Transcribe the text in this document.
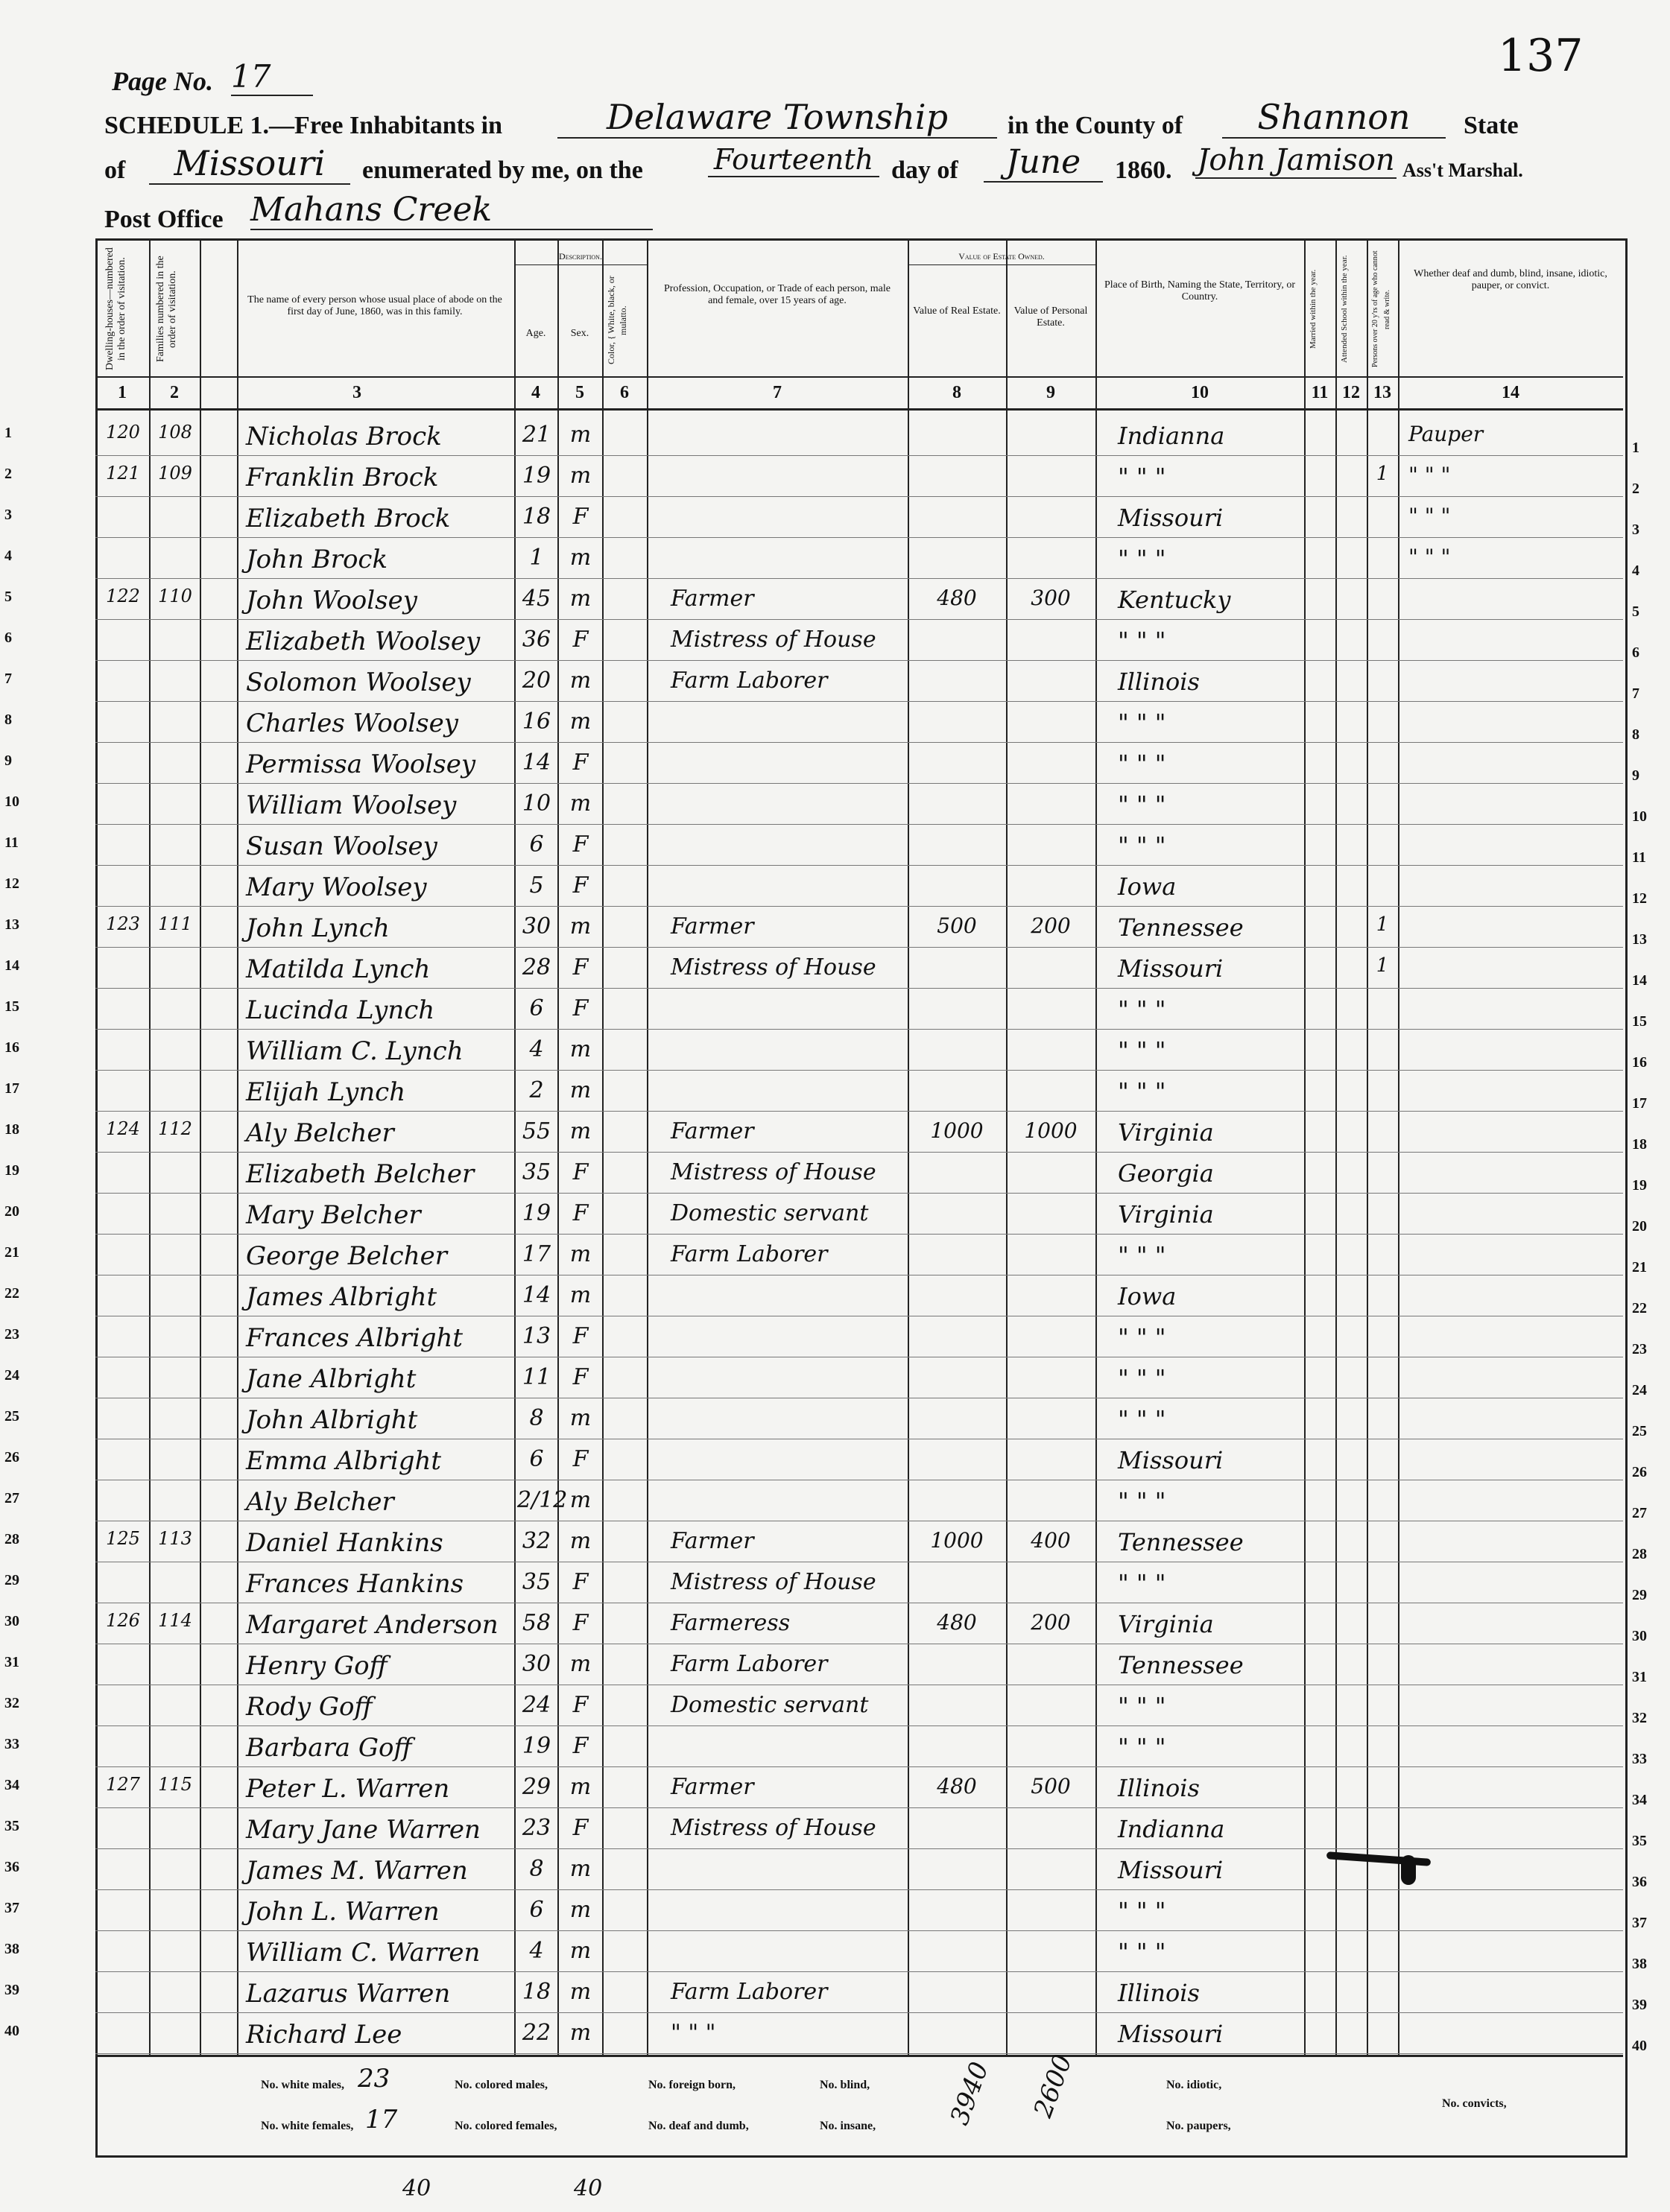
Page No. 17	137
SCHEDULE 1.—Free Inhabitants in	Delaware Township	in the County of	Shannon	State
of	Missouri	enumerated by me, on the	Fourteenth day of	June	1860. John Jamison Ass't Marshal.
Post Office Mahans Creek
Dwelling-houses—numbered in the order of visitation.	Families numbered in the order of visitation.	The name of every person whose usual place of abode on the first day of June, 1860, was in this family.
Description.
Age.	Sex.	Color, { White, black, or mulatto.
Profession, Occupation, or Trade of each person, male and female, over 15 years of age.
Value of Estate Owned.
Value of Real Estate.	Value of Personal Estate.
Place of Birth, Naming the State, Territory, or Country.	Married within the year.	Attended School within the year.	Persons over 20 y'rs of age who cannot read & write.
Whether deaf and dumb, blind, insane, idiotic, pauper, or convict.
1	2	3	4	5	6	7	8	9	10	11 12 13	14
1	120	108 Nicholas Brock	21 m	Indianna	Pauper
2	121	109 Franklin Brock	19 m	" " "	1 " " "
3	Elizabeth Brock	18 F	Missouri	" " "
4	John Brock	1	m	" " "	" " "
5	122	110 John Woolsey	45 m	Farmer	480	300	Kentucky
6	Elizabeth Woolsey	36 F	Mistress of House	" " "
7	Solomon Woolsey	20 m	Farm Laborer	Illinois
8	Charles Woolsey	16 m	" " "
9	Permissa Woolsey	14 F	" " "
10	William Woolsey	10 m	" " "
11	Susan Woolsey	6	F	" " "
12	Mary Woolsey	5	F	Iowa
13	123	111 John Lynch	30 m	Farmer	500	200	Tennessee	1
14	Matilda Lynch	28 F	Mistress of House	Missouri	1
15	Lucinda Lynch	6	F	" " "
16	William C. Lynch	4	m	" " "
17	Elijah Lynch	2	m	" " "
18	124	112 Aly Belcher	55 m	Farmer	1000	1000	Virginia
19	Elizabeth Belcher	35 F	Mistress of House	Georgia
20	Mary Belcher	19 F	Domestic servant	Virginia
21	George Belcher	17 m	Farm Laborer	" " "
22	James Albright	14 m	Iowa
23	Frances Albright	13 F	" " "
24	Jane Albright	11 F	" " "
25	John Albright	8	m	" " "
26	Emma Albright	6	F	Missouri
27	Aly Belcher	2/12 m	" " "
28	125	113 Daniel Hankins	32 m	Farmer	1000	400	Tennessee
29	Frances Hankins	35 F	Mistress of House	" " "
30	126	114 Margaret Anderson	58 F	Farmeress	480	200	Virginia
31	Henry Goff	30 m	Farm Laborer	Tennessee
32	Rody Goff	24 F	Domestic servant	" " "
33	Barbara Goff	19 F	" " "
34	127	115 Peter L. Warren	29 m	Farmer	480	500	Illinois
35	Mary Jane Warren	23 F	Mistress of House	Indianna
36	James M. Warren	8	m	Missouri
37	John L. Warren	6	m	" " "
38	William C. Warren	4	m	" " "
39	Lazarus Warren	18 m	Farm Laborer	Illinois
40	Richard Lee	22 m	" " "	Missouri
1
2
3
4
5
6
7
8
9
10
11
12
13
14
15
16
17
18
19
20
21
22
23
24
25
26
27
28
29
30
31
32
33
34
35
36
37
38
39
40
No. white males, 23	No. colored males,	No. foreign born,	No. blind,	3940 2600	No. idiotic,
No. convicts,
No. white females, 17	No. colored females,	No. deaf and dumb,	No. insane,	No. paupers,
40	40
